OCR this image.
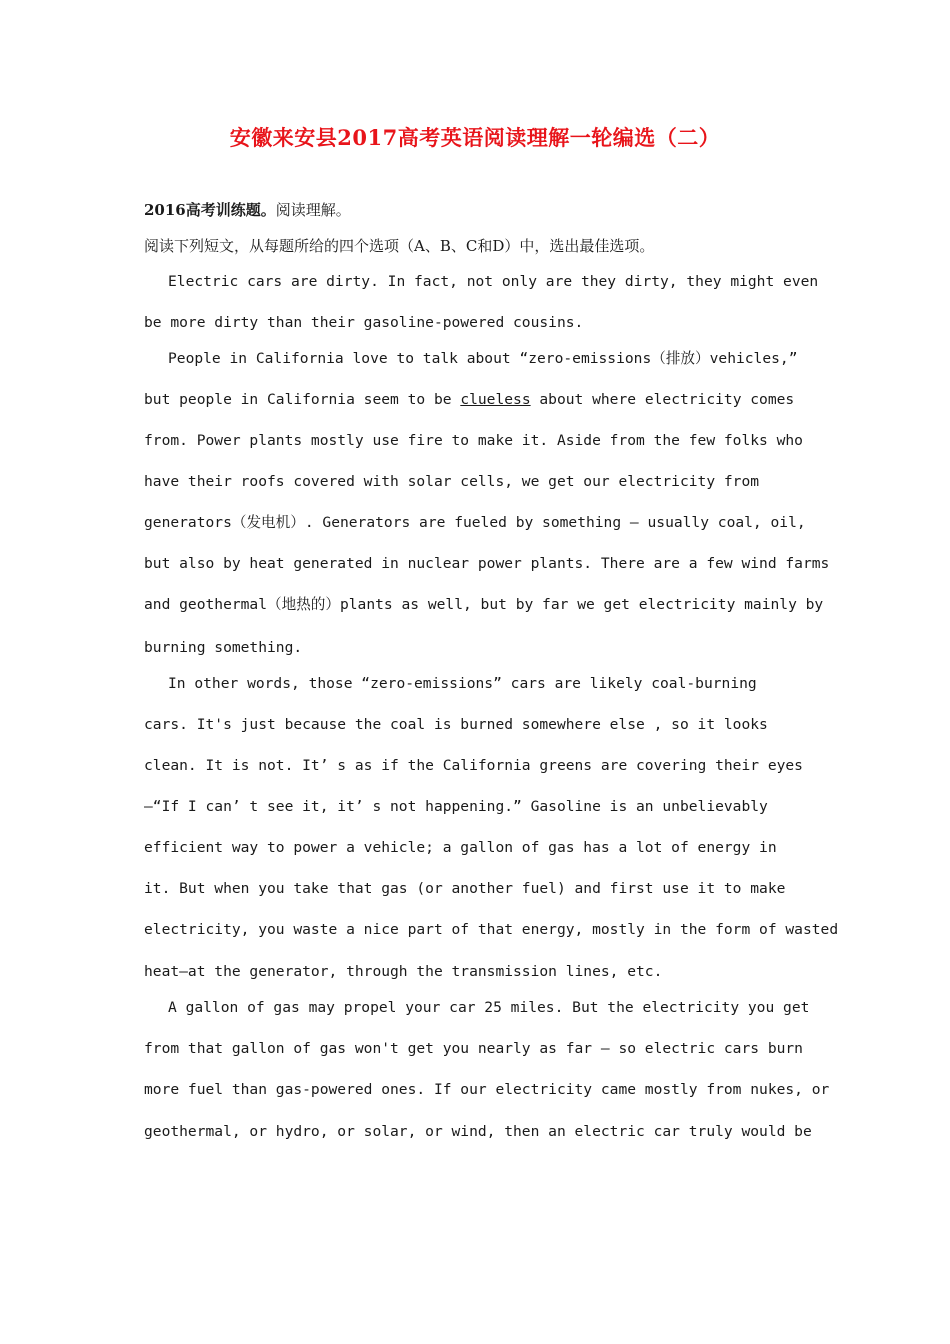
安徽来安县2017高考英语阅读理解一轮编选（二）
2016高考训练题。阅读理解。
阅读下列短文，从每题所给的四个选项（A、B、C和D）中，选出最佳选项。
Electric cars are dirty. In fact, not only are they dirty, they might even
be more dirty than their gasoline-powered cousins.
People in California love to talk about “zero-emissions（排放）vehicles,”
but people in California seem to be clueless about where electricity comes
from. Power plants mostly use fire to make it. Aside from the few folks who
have their roofs covered with solar cells, we get our electricity from
generators（发电机）. Generators are fueled by something — usually coal, oil,
but also by heat generated in nuclear power plants. There are a few wind farms
and geothermal（地热的）plants as well, but by far we get electricity mainly by
burning something.
In other words, those “zero-emissions” cars are likely coal-burning
cars. It's just because the coal is burned somewhere else , so it looks
clean. It is not. It’ s as if the California greens are covering their eyes
—“If I can’ t see it, it’ s not happening.” Gasoline is an unbelievably
efficient way to power a vehicle; a gallon of gas has a lot of energy in
it. But when you take that gas (or another fuel) and first use it to make
electricity, you waste a nice part of that energy, mostly in the form of wasted
heat—at the generator, through the transmission lines, etc.
A gallon of gas may propel your car 25 miles. But the electricity you get
from that gallon of gas won't get you nearly as far — so electric cars burn
more fuel than gas-powered ones. If our electricity came mostly from nukes, or
geothermal, or hydro, or solar, or wind, then an electric car truly would be
